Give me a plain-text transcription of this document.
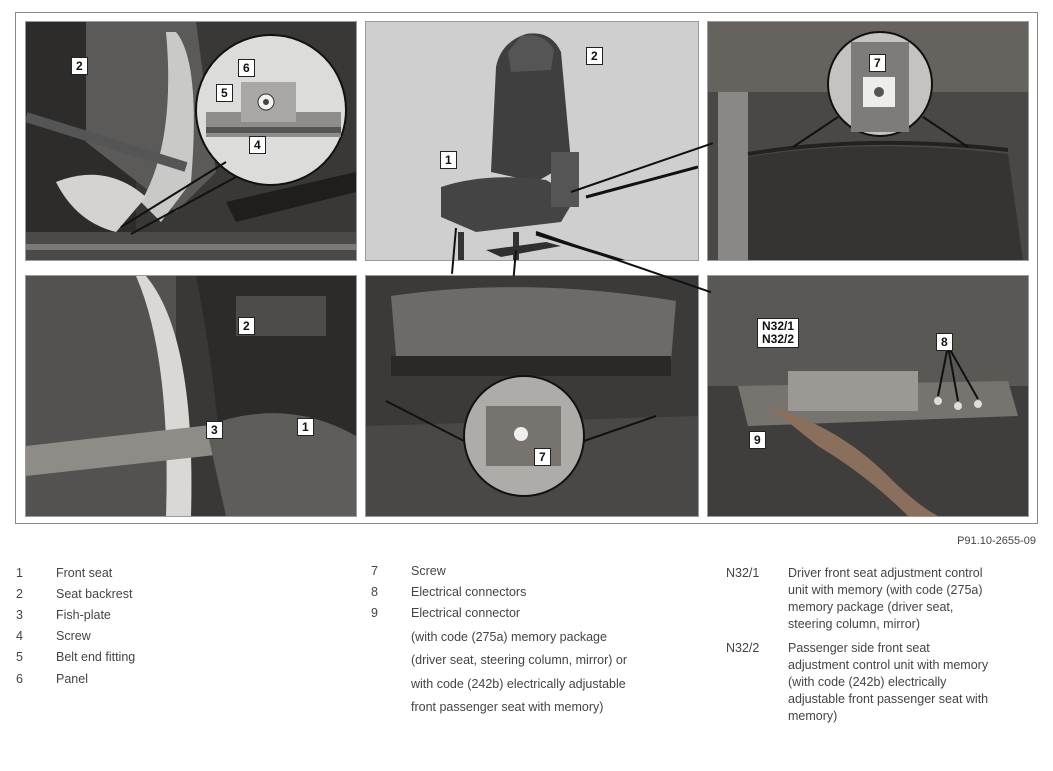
2	6
5
4
2
1
7
2
3	1
7
N32/1
N32/2	8
9
P91.10-2655-09
1	Front seat
2	Seat backrest
3	Fish-plate
4	Screw
5	Belt end fitting
6	Panel
7	Screw
8	Electrical connectors
9	Electrical connector
(with code (275a) memory package
(driver seat, steering column, mirror) or
with code (242b) electrically adjustable
front passenger seat with memory)
N32/1 Driver front seat adjustment control
unit with memory (with code (275a)
memory package (driver seat,
steering column, mirror)
N32/2 Passenger side front seat
adjustment control unit with memory
(with code (242b) electrically
adjustable front passenger seat with
memory)
